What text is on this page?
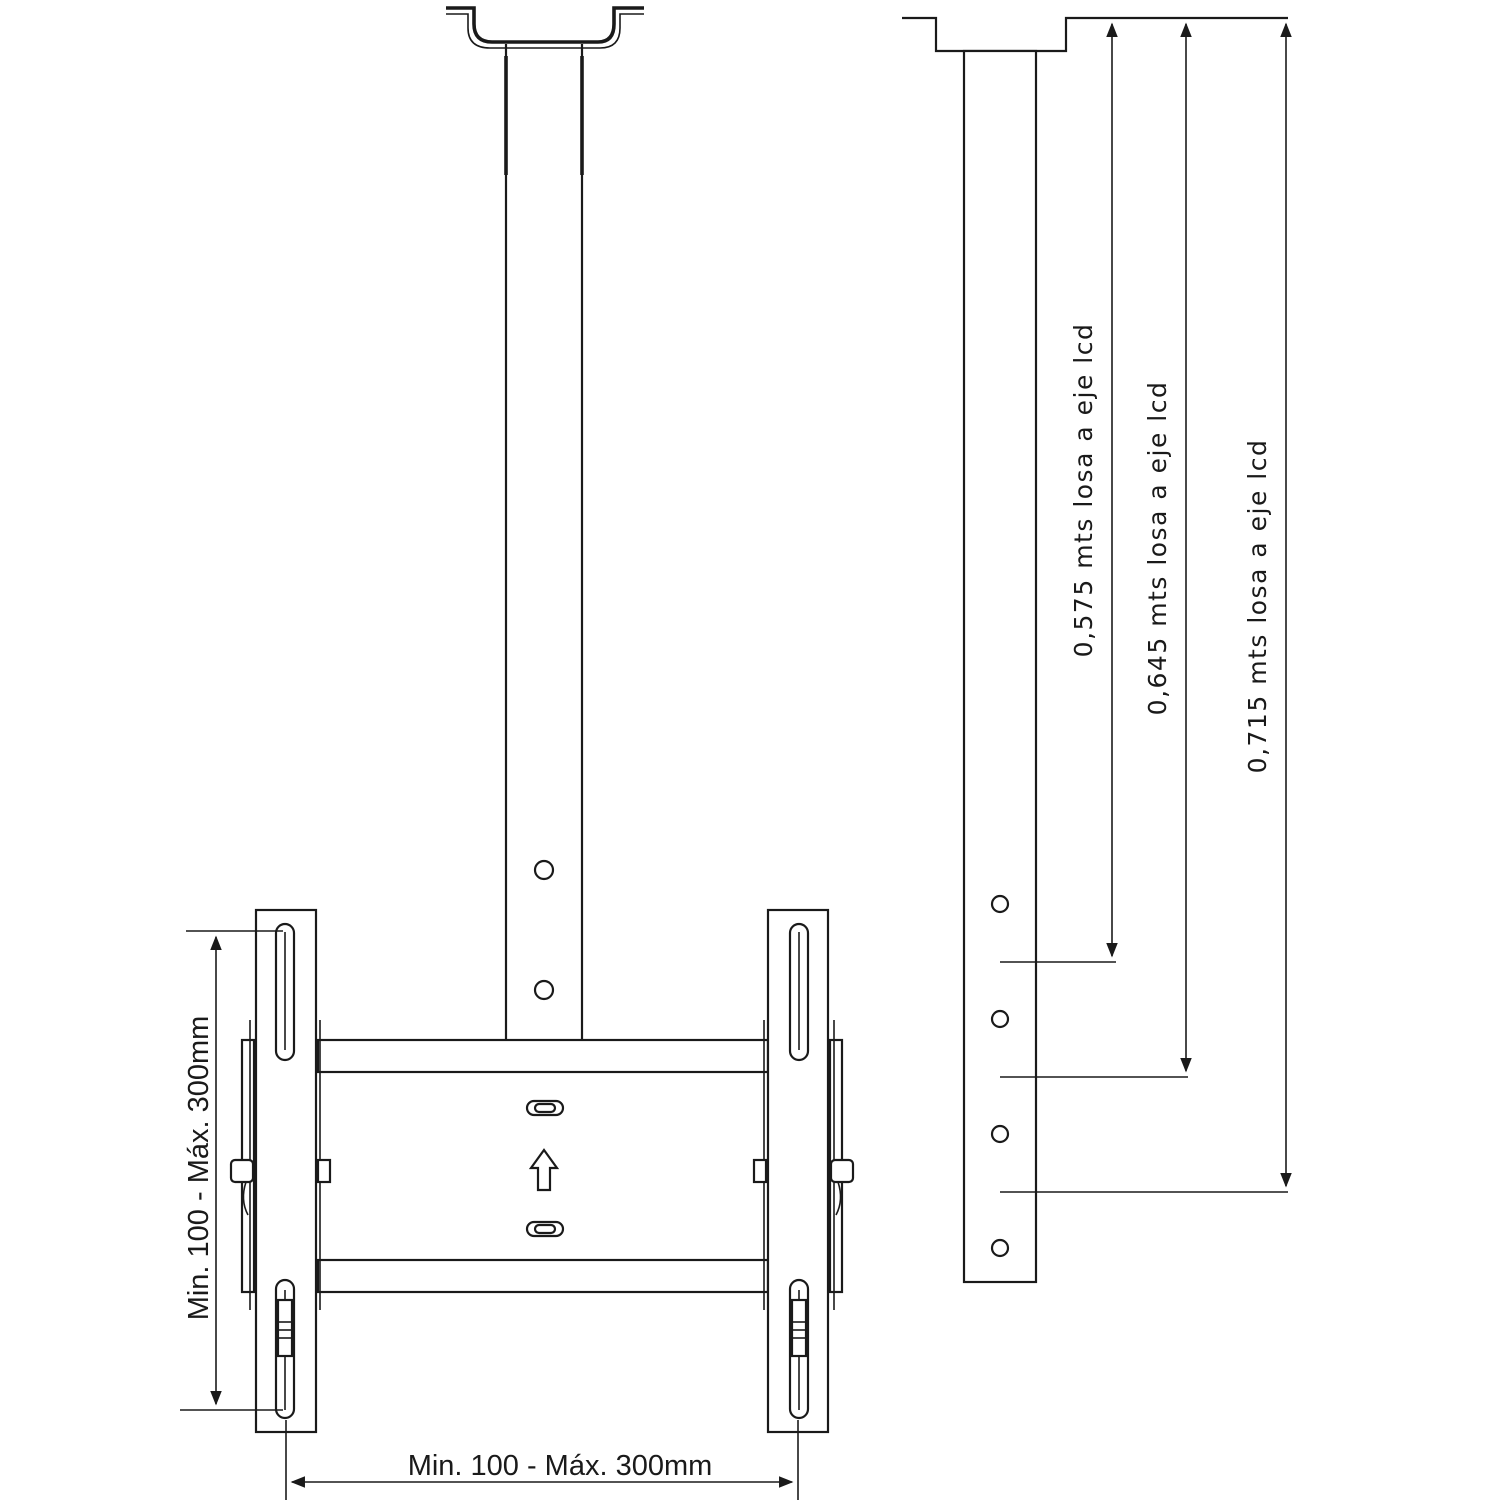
Min. 100 - Máx. 300mm
Min. 100 - Máx. 300mm
0,575 mts losa a eje lcd 0,645 mts losa a eje lcd	0,715 mts losa a eje lcd
